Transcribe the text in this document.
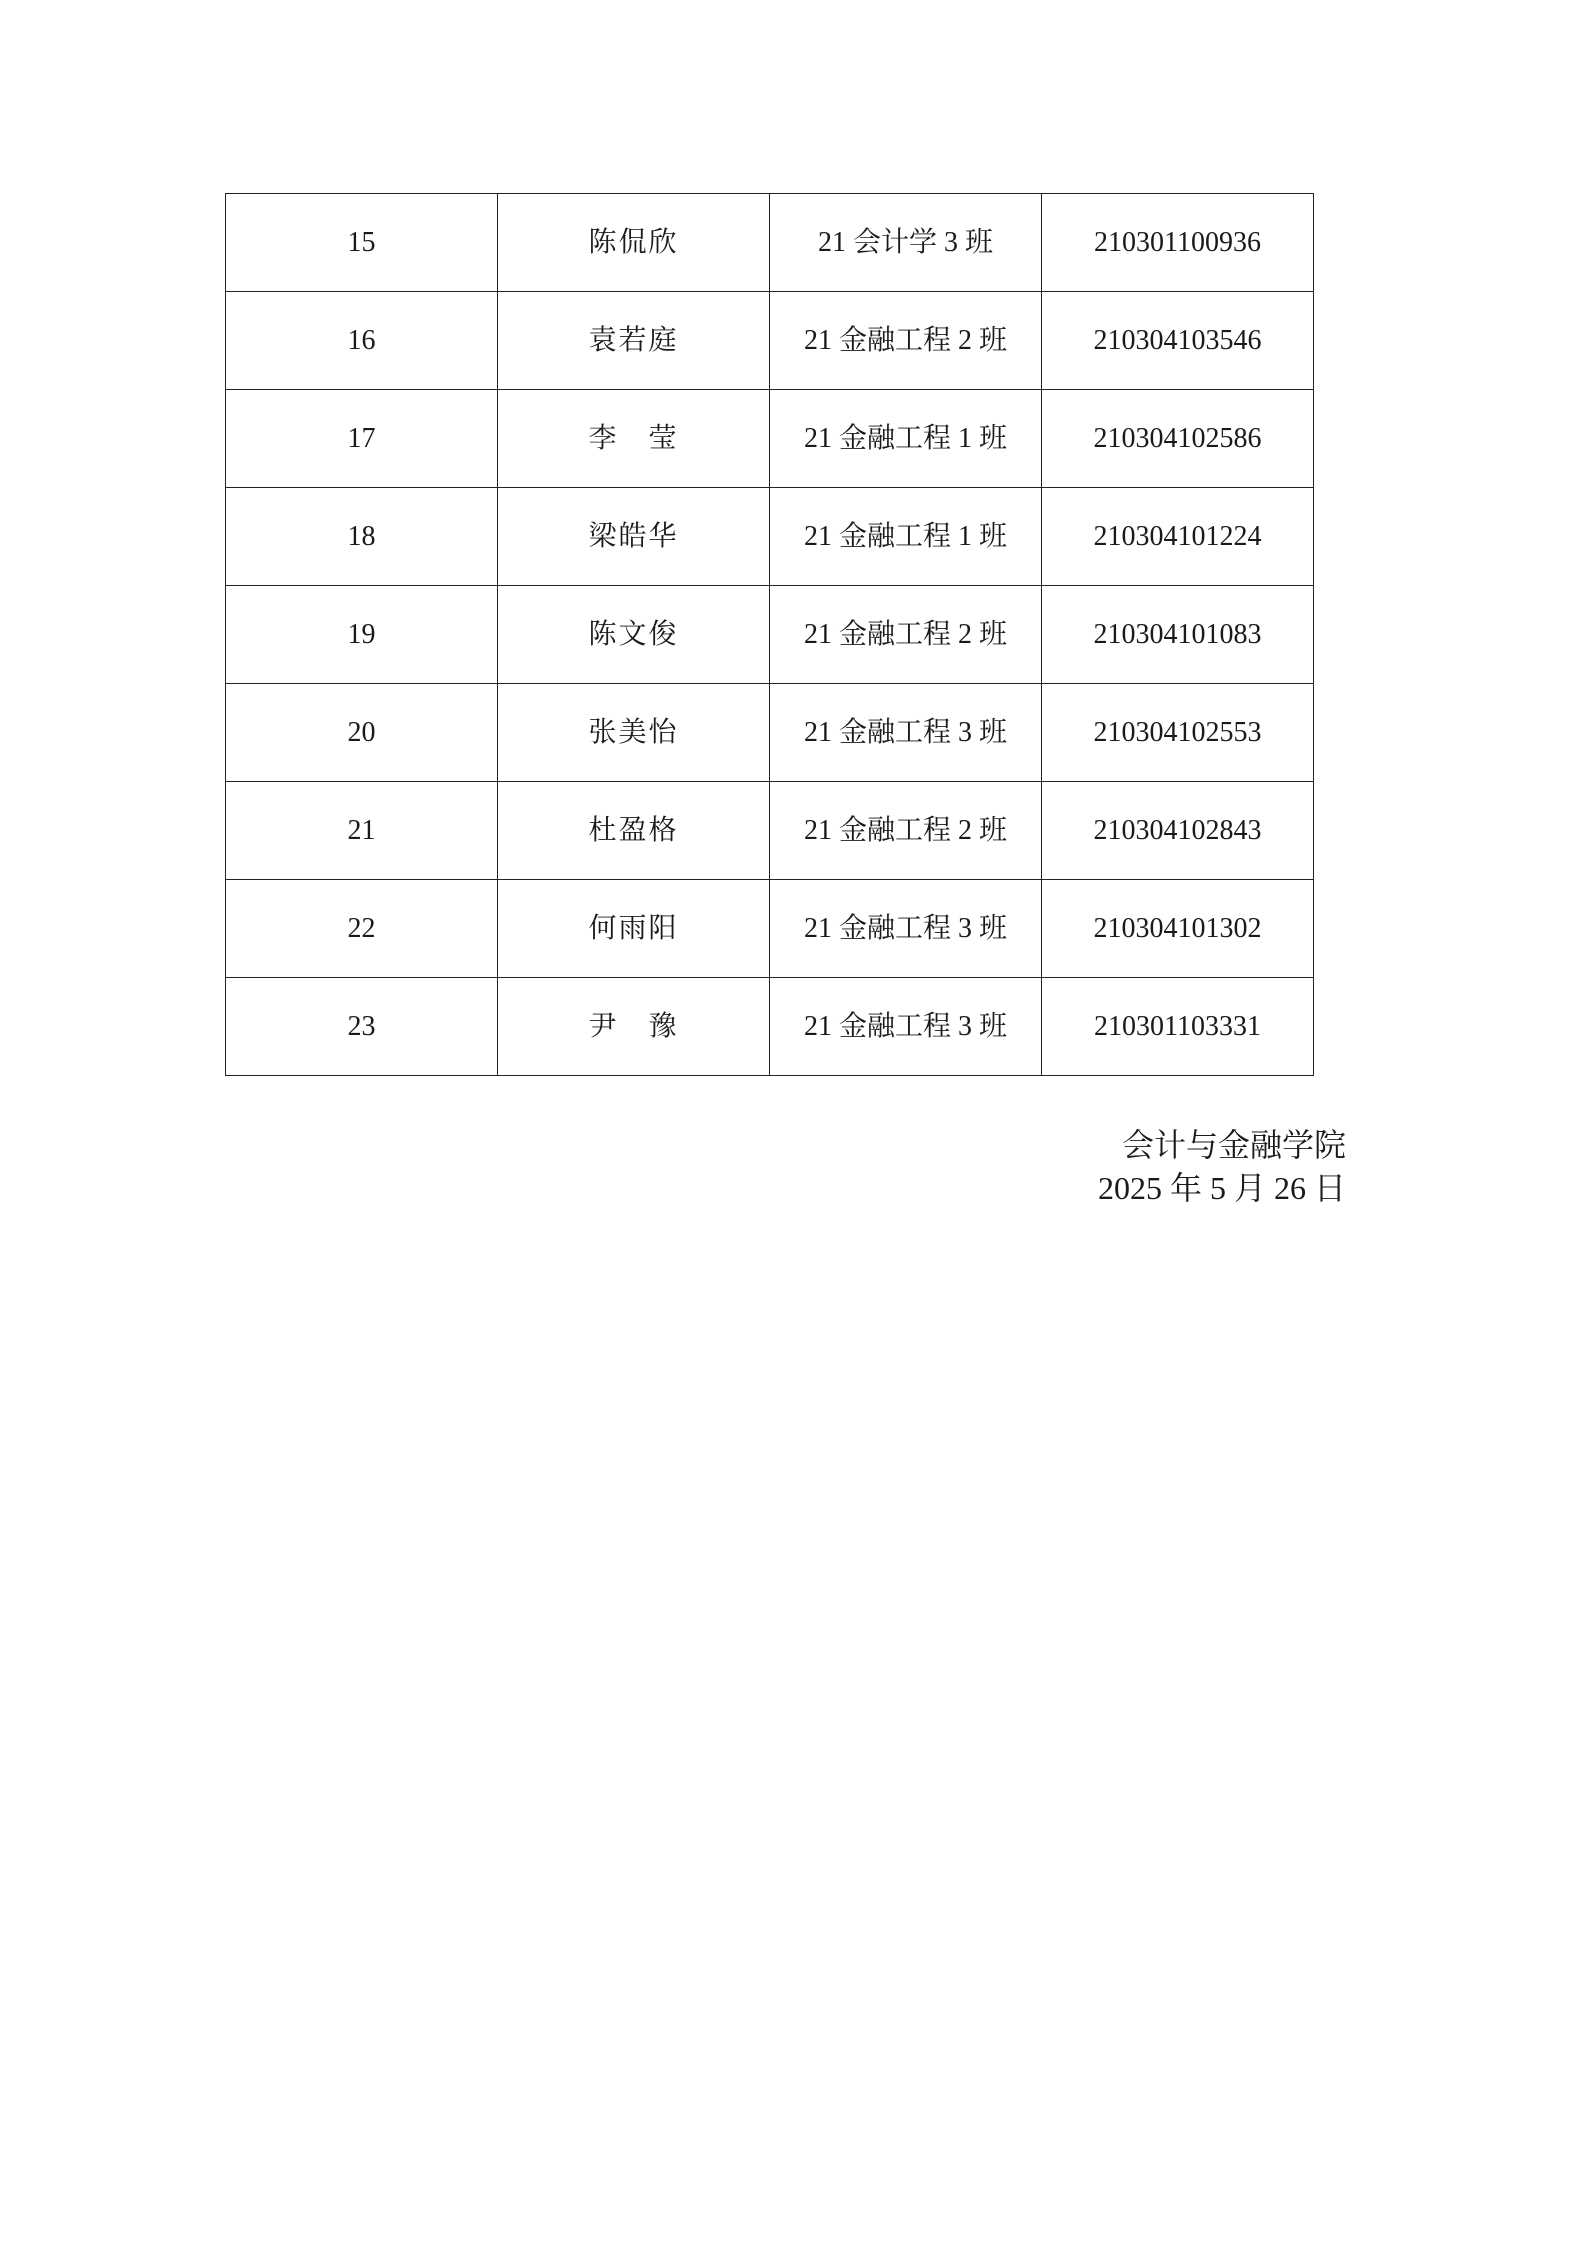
15	陈侃欣	21 会计学 3 班	210301100936
16	袁若庭	21 金融工程 2 班	210304103546
17	李　莹	21 金融工程 1 班	210304102586
18	梁皓华	21 金融工程 1 班	210304101224
19	陈文俊	21 金融工程 2 班	210304101083
20	张美怡	21 金融工程 3 班	210304102553
21	杜盈格	21 金融工程 2 班	210304102843
22	何雨阳	21 金融工程 3 班	210304101302
23	尹　豫	21 金融工程 3 班	210301103331
会计与金融学院
2025 年 5 月 26 日
